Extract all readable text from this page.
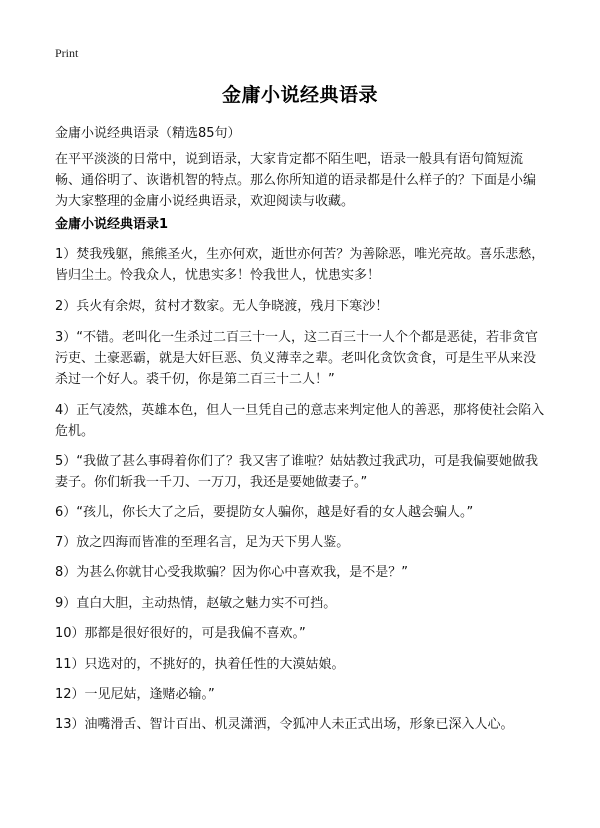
Print
金庸小说经典语录
金庸小说经典语录（精选85句）
在平平淡淡的日常中，说到语录，大家肯定都不陌生吧，语录一般具有语句简短流畅、通俗明了、诙谐机智的特点。那么你所知道的语录都是什么样子的？下面是小编为大家整理的金庸小说经典语录，欢迎阅读与收藏。
金庸小说经典语录1
1）焚我残躯，熊熊圣火，生亦何欢，逝世亦何苦？为善除恶，唯光亮故。喜乐悲愁，皆归尘土。怜我众人，忧患实多！怜我世人，忧患实多！
2）兵火有余烬，贫村才数家。无人争晓渡，残月下寒沙！
3）“不错。老叫化一生杀过二百三十一人，这二百三十一人个个都是恶徒，若非贪官污吏、土豪恶霸，就是大奸巨恶、负义薄幸之辈。老叫化贪饮贪食，可是生平从来没杀过一个好人。裘千仞，你是第二百三十二人！”
4）正气凌然，英雄本色，但人一旦凭自己的意志来判定他人的善恶，那将使社会陷入危机。
5）“我做了甚么事碍着你们了？我又害了谁啦？姑姑教过我武功，可是我偏要她做我妻子。你们斩我一千刀、一万刀，我还是要她做妻子。”
6）“孩儿，你长大了之后，要提防女人骗你，越是好看的女人越会骗人。”
7）放之四海而皆准的至理名言，足为天下男人鉴。
8）为甚么你就甘心受我欺骗？因为你心中喜欢我，是不是？”
9）直白大胆，主动热情，赵敏之魅力实不可挡。
10）那都是很好很好的，可是我偏不喜欢。”
11）只选对的，不挑好的，执着任性的大漠姑娘。
12）一见尼姑，逢赌必输。”
13）油嘴滑舌、智计百出、机灵潇洒，令狐冲人未正式出场，形象已深入人心。
